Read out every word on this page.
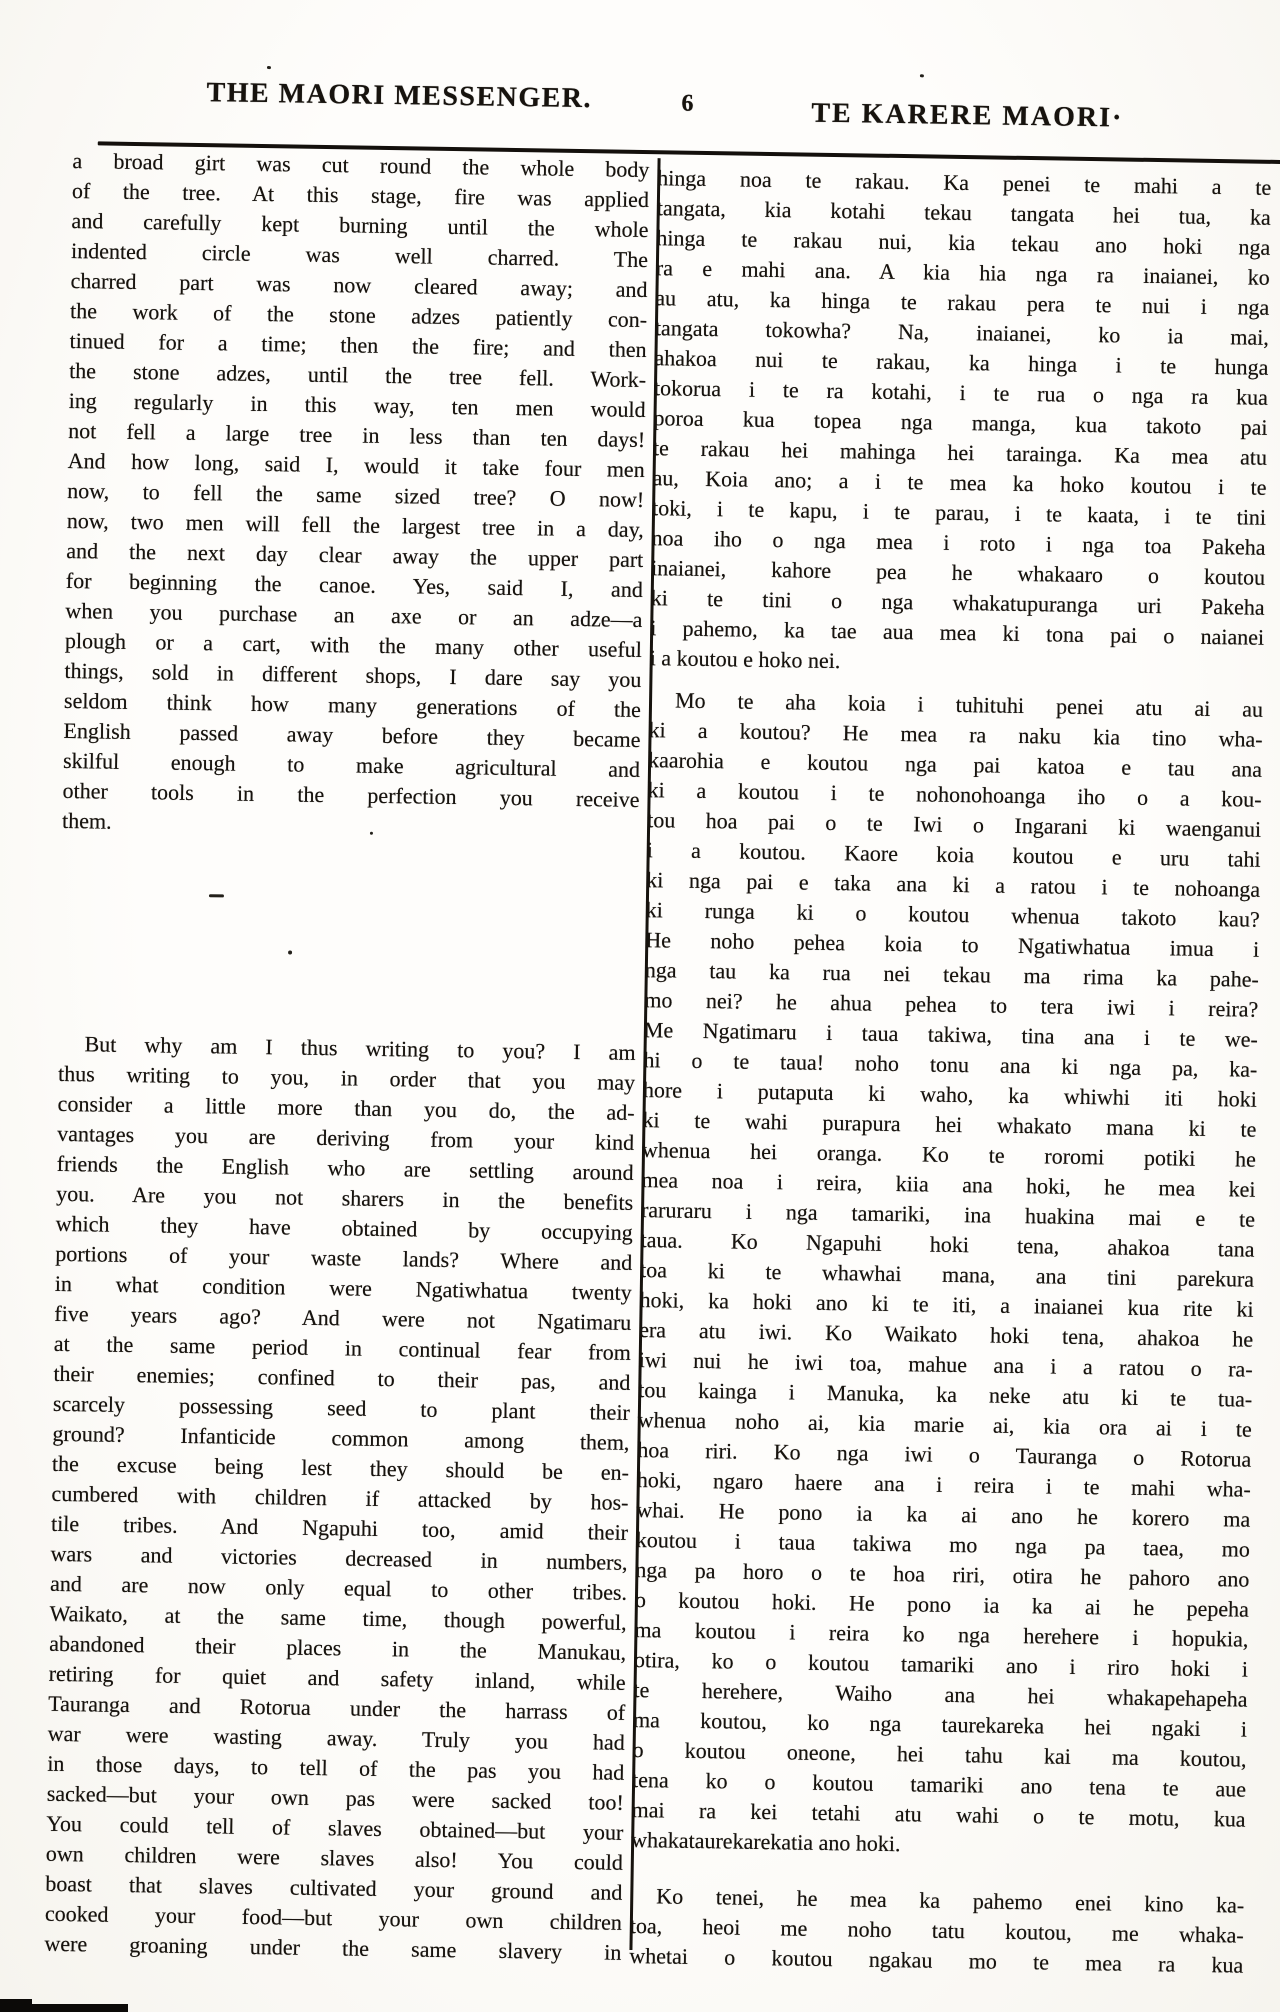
THE MAORI MESSENGER.	6	TE KARERE MAORI·
a broad girt was cut round the whole body
of the tree. At this stage, fire was applied
and carefully kept burning until the whole
indented circle was well charred. The
charred part was now cleared away; and
the work of the stone adzes patiently con-
tinued for a time; then the fire; and then
the stone adzes, until the tree fell. Work-
ing regularly in this way, ten men would
not fell a large tree in less than ten days!
And how long, said I, would it take four men
now, to fell the same sized tree? O now!
now, two men will fell the largest tree in a day,
and the next day clear away the upper part
for beginning the canoe. Yes, said I, and
when you purchase an axe or an adze—a
plough or a cart, with the many other useful
things, sold in different shops, I dare say you
seldom think how many generations of the
English passed away before they became
skilful enough to make agricultural and
other tools in the perfection you receive
them.
But why am I thus writing to you? I am
thus writing to you, in order that you may
consider a little more than you do, the ad-
vantages you are deriving from your kind
friends the English who are settling around
you. Are you not sharers in the benefits
which they have obtained by occupying
portions of your waste lands? Where and
in what condition were Ngatiwhatua twenty
five years ago? And were not Ngatimaru
at the same period in continual fear from
their enemies; confined to their pas, and
scarcely possessing seed to plant their
ground? Infanticide common among them,
the excuse being lest they should be en-
cumbered with children if attacked by hos-
tile tribes. And Ngapuhi too, amid their
wars and victories decreased in numbers,
and are now only equal to other tribes.
Waikato, at the same time, though powerful,
abandoned their places in the Manukau,
retiring for quiet and safety inland, while
Tauranga and Rotorua under the harrass of
war were wasting away. Truly you had
in those days, to tell of the pas you had
sacked—but your own pas were sacked too!
You could tell of slaves obtained—but your
own children were slaves also! You could
boast that slaves cultivated your ground and
cooked your food—but your own children
were groaning under the same slavery in
hinga noa te rakau. Ka penei te mahi a te
tangata, kia kotahi tekau tangata hei tua, ka
hinga te rakau nui, kia tekau ano hoki nga
ra e mahi ana. A kia hia nga ra inaianei, ko
au atu, ka hinga te rakau pera te nui i nga
tangata tokowha? Na, inaianei, ko ia mai,
ahakoa nui te rakau, ka hinga i te hunga
tokorua i te ra kotahi, i te rua o nga ra kua
poroa kua topea nga manga, kua takoto pai
te rakau hei mahinga hei tarainga. Ka mea atu
au, Koia ano; a i te mea ka hoko koutou i te
toki, i te kapu, i te parau, i te kaata, i te tini
noa iho o nga mea i roto i nga toa Pakeha
inaianei, kahore pea he whakaaro o koutou
ki te tini o nga whakatupuranga uri Pakeha
i pahemo, ka tae aua mea ki tona pai o naianei
i a koutou e hoko nei.
Mo te aha koia i tuhituhi penei atu ai au
ki a koutou? He mea ra naku kia tino wha-
kaarohia e koutou nga pai katoa e tau ana
ki a koutou i te nohonohoanga iho o a kou-
tou hoa pai o te Iwi o Ingarani ki waenganui
i a koutou. Kaore koia koutou e uru tahi
ki nga pai e taka ana ki a ratou i te nohoanga
ki runga ki o koutou whenua takoto kau?
He noho pehea koia to Ngatiwhatua imua i
nga tau ka rua nei tekau ma rima ka pahe-
mo nei? he ahua pehea to tera iwi i reira?
Me Ngatimaru i taua takiwa, tina ana i te we-
hi o te taua! noho tonu ana ki nga pa, ka-
hore i putaputa ki waho, ka whiwhi iti hoki
ki te wahi purapura hei whakato mana ki te
whenua hei oranga. Ko te roromi potiki he
mea noa i reira, kiia ana hoki, he mea kei
raruraru i nga tamariki, ina huakina mai e te
taua. Ko Ngapuhi hoki tena, ahakoa tana
toa ki te whawhai mana, ana tini parekura
hoki, ka hoki ano ki te iti, a inaianei kua rite ki
era atu iwi. Ko Waikato hoki tena, ahakoa he
iwi nui he iwi toa, mahue ana i a ratou o ra-
tou kainga i Manuka, ka neke atu ki te tua-
whenua noho ai, kia marie ai, kia ora ai i te
hoa riri. Ko nga iwi o Tauranga o Rotorua
hoki, ngaro haere ana i reira i te mahi wha-
whai. He pono ia ka ai ano he korero ma
koutou i taua takiwa mo nga pa taea, mo
nga pa horo o te hoa riri, otira he pahoro ano
o koutou hoki. He pono ia ka ai he pepeha
ma koutou i reira ko nga herehere i hopukia,
otira, ko o koutou tamariki ano i riro hoki i
te herehere, Waiho ana hei whakapehapeha
ma koutou, ko nga taurekareka hei ngaki i
o koutou oneone, hei tahu kai ma koutou,
tena ko o koutou tamariki ano tena te aue
mai ra kei tetahi atu wahi o te motu, kua
whakataurekarekatia ano hoki.
Ko tenei, he mea ka pahemo enei kino ka-
toa, heoi me noho tatu koutou, me whaka-
whetai o koutou ngakau mo te mea ra kua
